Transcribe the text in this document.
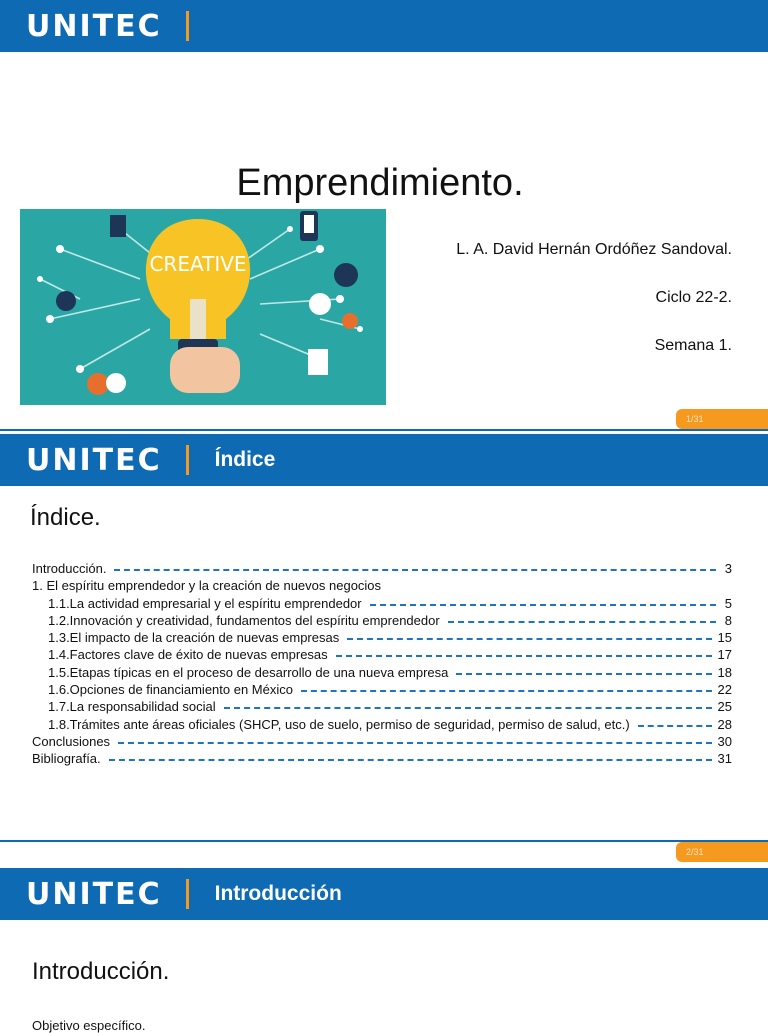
UNITEC
Emprendimiento.
CREATIVE
L. A. David Hernán Ordóñez Sandoval.
Ciclo 22-2.
Semana 1.
1/31
UNITEC	Índice
Índice.
Introducción.	3
1. El espíritu emprendedor y la creación de nuevos negocios
1.1.La actividad empresarial y el espíritu emprendedor	5
1.2.Innovación y creatividad, fundamentos del espíritu emprendedor	8
1.3.El impacto de la creación de nuevas empresas	15
1.4.Factores clave de éxito de nuevas empresas	17
1.5.Etapas típicas en el proceso de desarrollo de una nueva empresa	18
1.6.Opciones de financiamiento en México	22
1.7.La responsabilidad social	25
1.8.Trámites ante áreas oficiales (SHCP, uso de suelo, permiso de seguridad, permiso de salud, etc.)	28
Conclusiones	30
Bibliografía.	31
2/31
UNITEC	Introducción
Introducción.
Objetivo específico.
